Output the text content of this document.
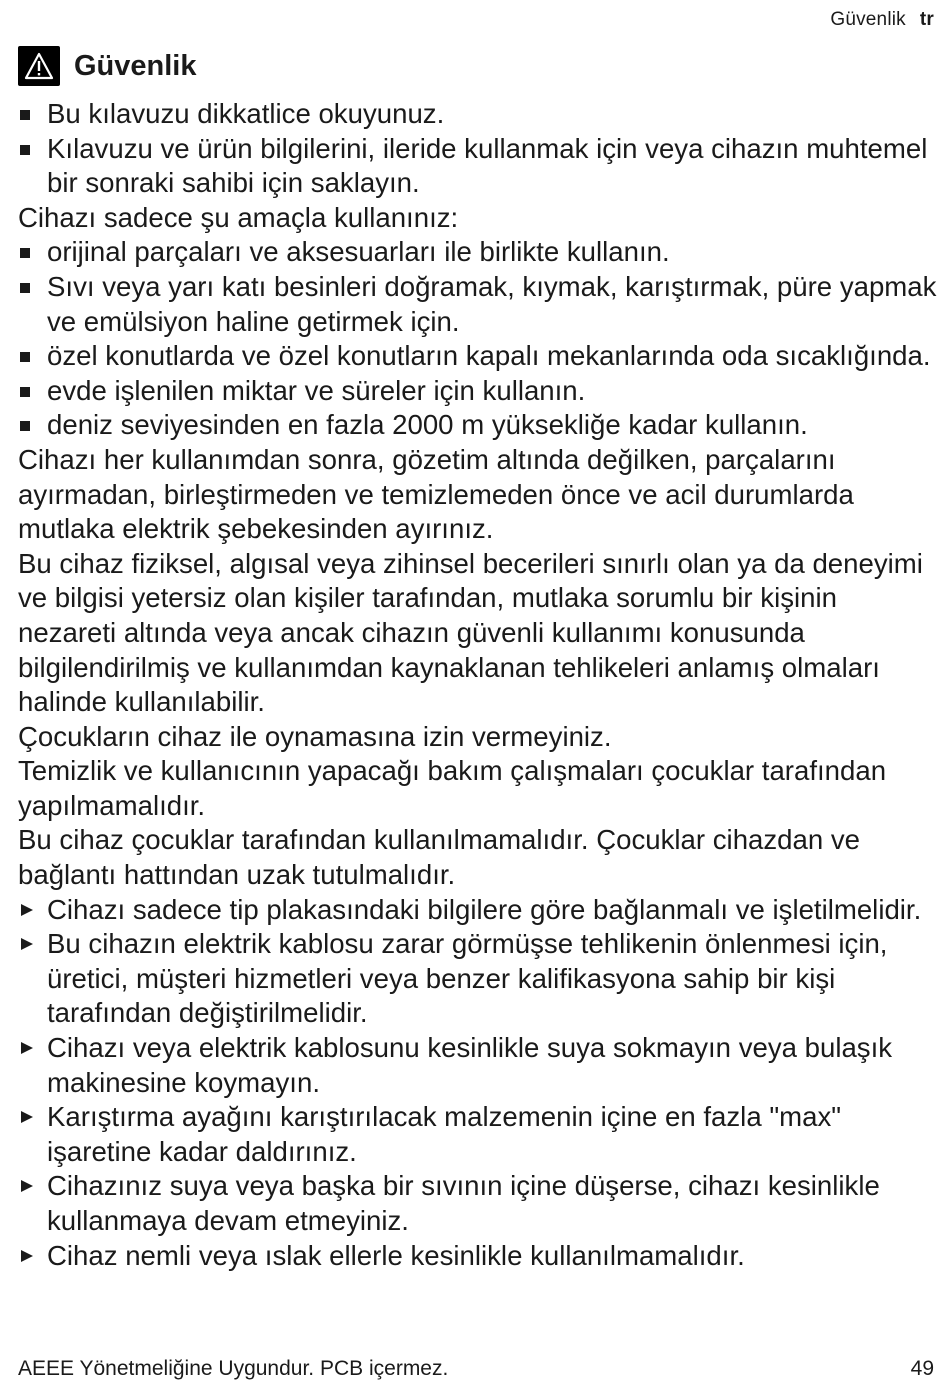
Güvenlik tr
Güvenlik
Bu kılavuzu dikkatlice okuyunuz.
Kılavuzu ve ürün bilgilerini, ileride kullanmak için veya cihazın muhtemel bir sonraki sahibi için saklayın.

Cihazı sadece şu amaçla kullanınız:

orijinal parçaları ve aksesuarları ile birlikte kullanın.
Sıvı veya yarı katı besinleri doğramak, kıymak, karıştırmak, püre yapmak ve emülsiyon haline getirmek için.
özel konutlarda ve özel konutların kapalı mekanlarında oda sıcaklığında.
evde işlenilen miktar ve süreler için kullanın.
deniz seviyesinden en fazla 2000 m yüksekliğe kadar kullanın.

Cihazı her kullanımdan sonra, gözetim altında değilken, parçalarını ayırmadan, birleştirmeden ve temizlemeden önce ve acil durumlarda mutlaka elektrik şebekesinden ayırınız.

Bu cihaz fiziksel, algısal veya zihinsel becerileri sınırlı olan ya da deneyimi ve bilgisi yetersiz olan kişiler tarafından, mutlaka sorumlu bir kişinin nezareti altında veya ancak cihazın güvenli kullanımı konusunda bilgilendirilmiş ve kullanımdan kaynaklanan tehlikeleri anlamış olmaları halinde kullanılabilir.

Çocukların cihaz ile oynamasına izin vermeyiniz.

Temizlik ve kullanıcının yapacağı bakım çalışmaları çocuklar tarafından yapılmamalıdır.

Bu cihaz çocuklar tarafından kullanılmamalıdır. Çocuklar cihazdan ve bağlantı hattından uzak tutulmalıdır.

Cihazı sadece tip plakasındaki bilgilere göre bağlanmalı ve işletilmelidir.
Bu cihazın elektrik kablosu zarar görmüşse tehlikenin önlenmesi için, üretici, müşteri hizmetleri veya benzer kalifikasyona sahip bir kişi tarafından değiştirilmelidir.
Cihazı veya elektrik kablosunu kesinlikle suya sokmayın veya bulaşık makinesine koymayın.
Karıştırma ayağını karıştırılacak malzemenin içine en fazla "max" işaretine kadar daldırınız.
Cihazınız suya veya başka bir sıvının içine düşerse, cihazı kesinlikle kullanmaya devam etmeyiniz.
Cihaz nemli veya ıslak ellerle kesinlikle kullanılmamalıdır.
AEEE Yönetmeliğine Uygundur. PCB içermez.	49
